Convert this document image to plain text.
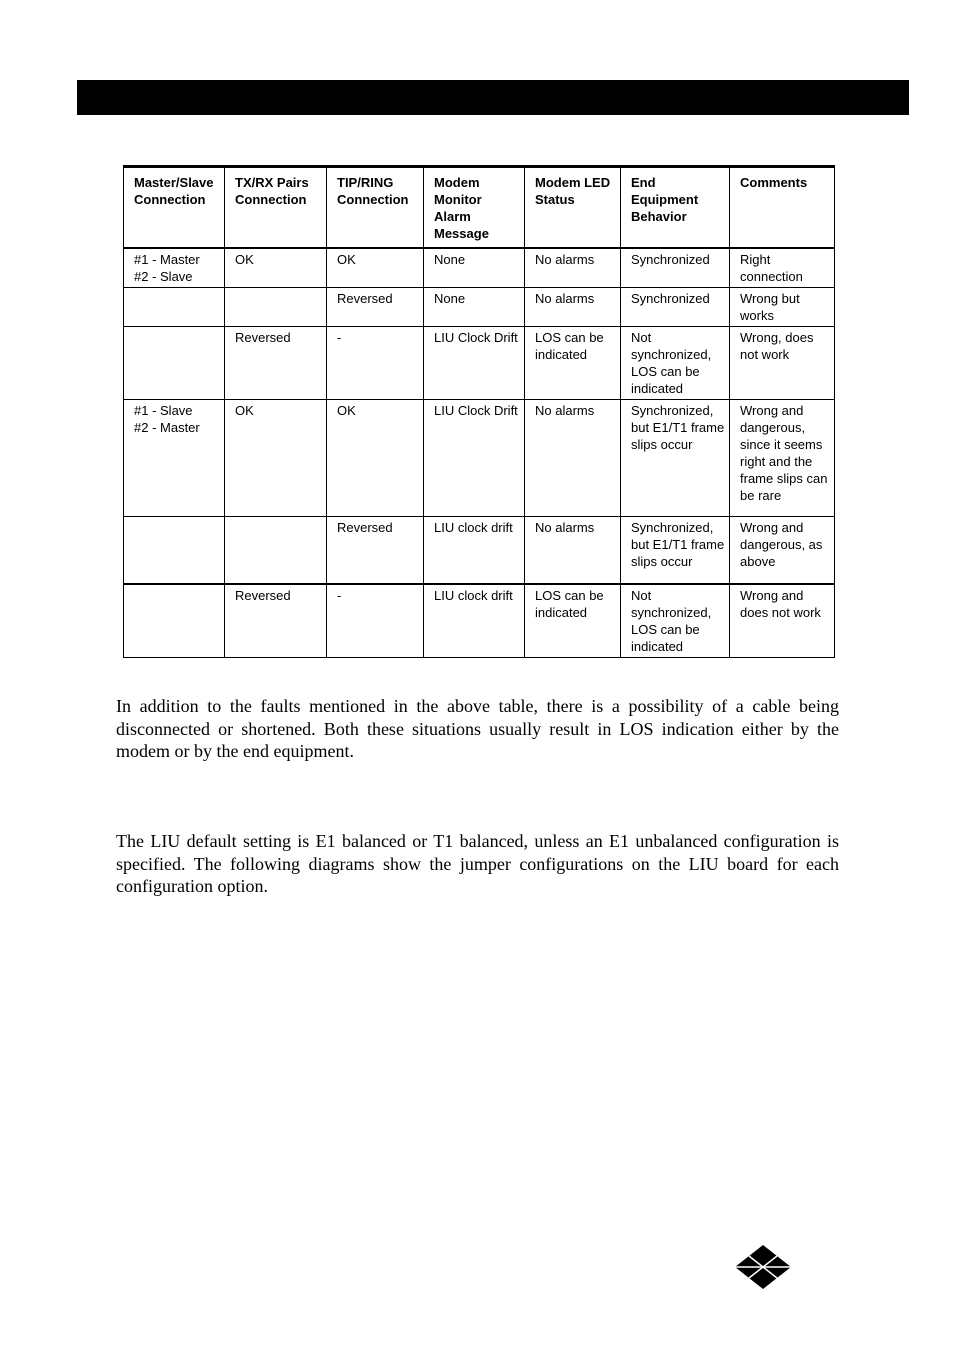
Master/Slave Connection	TX/RX Pairs Connection	TIP/RING Connection	Modem Monitor Alarm Message	Modem LED Status	End Equipment Behavior	Comments
#1 - Master
#2 - Slave	OK	OK	None	No alarms	Synchronized	Right connection
		Reversed	None	No alarms	Synchronized	Wrong but works
	Reversed	-	LIU Clock Drift	LOS can be indicated	Not synchronized, LOS can be indicated	Wrong, does not work
#1 - Slave
#2 - Master	OK	OK	LIU Clock Drift	No alarms	Synchronized, but E1/T1 frame slips occur	Wrong and dangerous, since it seems right and the frame slips can be rare
		Reversed	LIU clock drift	No alarms	Synchronized, but E1/T1 frame slips occur	Wrong and dangerous, as above
	Reversed	-	LIU clock drift	LOS can be indicated	Not synchronized, LOS can be indicated	Wrong and does not work

In addition to the faults mentioned in the above table, there is a possibility of a cable being disconnected or shortened. Both these situations usually result in LOS indication either by the modem or by the end equipment.

The LIU default setting is E1 balanced or T1 balanced, unless an E1 unbalanced configuration is specified. The following diagrams show the jumper configurations on the LIU board for each configuration option.
